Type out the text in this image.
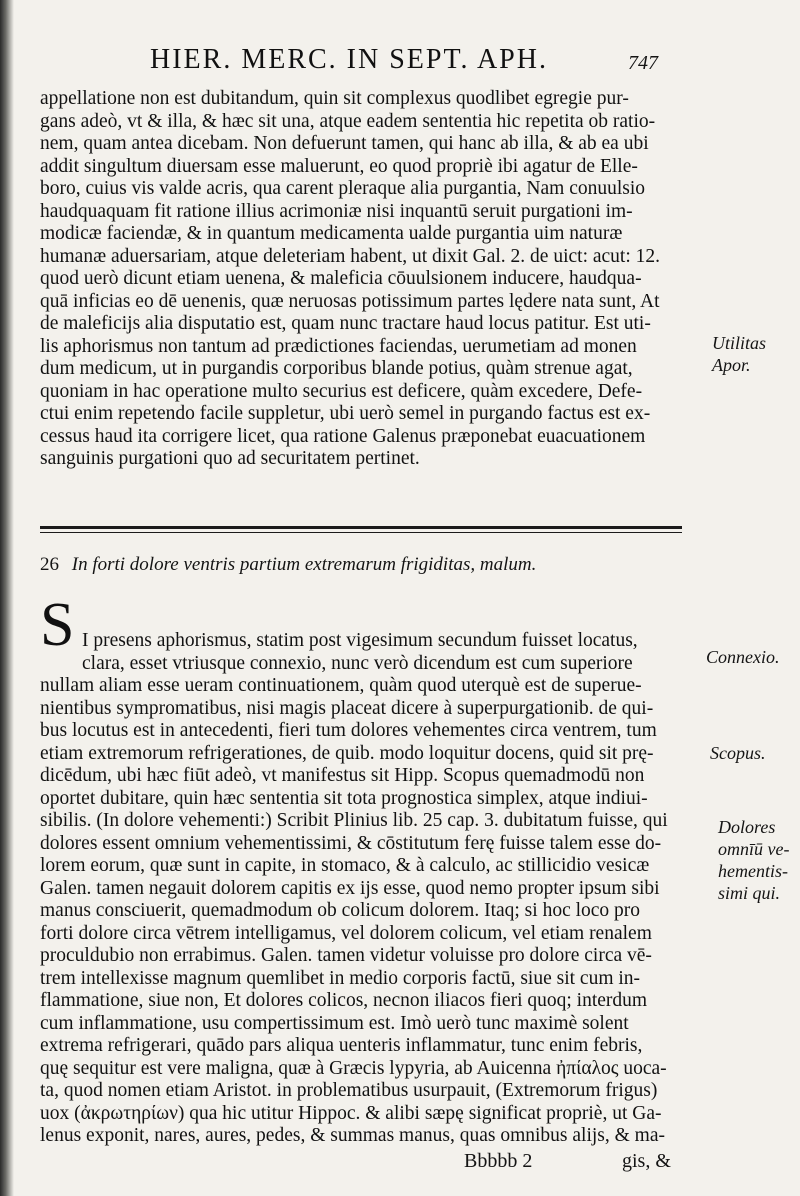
HIER. MERC. IN SEPT. APH.	747
appellatione non est dubitandum, quin sit complexus quodlibet egregie pur-
gans adeò, vt & illa, & hæc sit una, atque eadem sententia hic repetita ob ratio-
nem, quam antea dicebam. Non defuerunt tamen, qui hanc ab illa, & ab ea ubi
addit singultum diuersam esse maluerunt, eo quod propriè ibi agatur de Elle-
boro, cuius vis valde acris, qua carent pleraque alia purgantia, Nam conuulsio
haudquaquam fit ratione illius acrimoniæ nisi inquantū seruit purgationi im-
modicæ faciendæ, & in quantum medicamenta ualde purgantia uim naturæ
humanæ aduersariam, atque deleteriam habent, ut dixit Gal. 2. de uict: acut: 12.
quod uerò dicunt etiam uenena, & maleficia cōuulsionem inducere, haudqua-
quā inficias eo dē uenenis, quæ neruosas potissimum partes lędere nata sunt, At
de maleficijs alia disputatio est, quam nunc tractare haud locus patitur. Est uti-
lis aphorismus non tantum ad prædictiones faciendas, uerumetiam ad monen
dum medicum, ut in purgandis corporibus blande potius, quàm strenue agat,
quoniam in hac operatione multo securius est deficere, quàm excedere, Defe-
ctui enim repetendo facile suppletur, ubi uerò semel in purgando factus est ex-
cessus haud ita corrigere licet, qua ratione Galenus præponebat euacuationem
sanguinis purgationi quo ad securitatem pertinet.
26 In forti dolore ventris partium extremarum frigiditas, malum.
S I presens aphorismus, statim post vigesimum secundum fuisset locatus,
clara, esset vtriusque connexio, nunc verò dicendum est cum superiore
nullam aliam esse ueram continuationem, quàm quod uterquè est de superue-
nientibus sympromatibus, nisi magis placeat dicere à superpurgationib. de qui-
bus locutus est in antecedenti, fieri tum dolores vehementes circa ventrem, tum
etiam extremorum refrigerationes, de quib. modo loquitur docens, quid sit prę-
dicēdum, ubi hæc fiūt adeò, vt manifestus sit Hipp. Scopus quemadmodū non
oportet dubitare, quin hæc sententia sit tota prognostica simplex, atque indiui-
sibilis. (In dolore vehementi:) Scribit Plinius lib. 25 cap. 3. dubitatum fuisse, qui
dolores essent omnium vehementissimi, & cōstitutum ferę fuisse talem esse do-
lorem eorum, quæ sunt in capite, in stomaco, & à calculo, ac stillicidio vesicæ
Galen. tamen negauit dolorem capitis ex ijs esse, quod nemo propter ipsum sibi
manus consciuerit, quemadmodum ob colicum dolorem. Itaq; si hoc loco pro
forti dolore circa vētrem intelligamus, vel dolorem colicum, vel etiam renalem
proculdubio non errabimus. Galen. tamen videtur voluisse pro dolore circa vē-
trem intellexisse magnum quemlibet in medio corporis factū, siue sit cum in-
flammatione, siue non, Et dolores colicos, necnon iliacos fieri quoq; interdum
cum inflammatione, usu compertissimum est. Imò uerò tunc maximè solent
extrema refrigerari, quādo pars aliqua uenteris inflammatur, tunc enim febris,
quę sequitur est vere maligna, quæ à Græcis lypyria, ab Auicenna ἠπίαλος uoca-
ta, quod nomen etiam Aristot. in problematibus usurpauit, (Extremorum frigus)
uox (ἀκρωτηρίων) qua hic utitur Hippoc. & alibi sæpę significat propriè, ut Ga-
lenus exponit, nares, aures, pedes, & summas manus, quas omnibus alijs, & ma-
Utilitas
Apor.
Connexio.
Scopus.
Dolores
omnīū ve-
hementis-
simi qui.
Bbbbb 2	gis, &
